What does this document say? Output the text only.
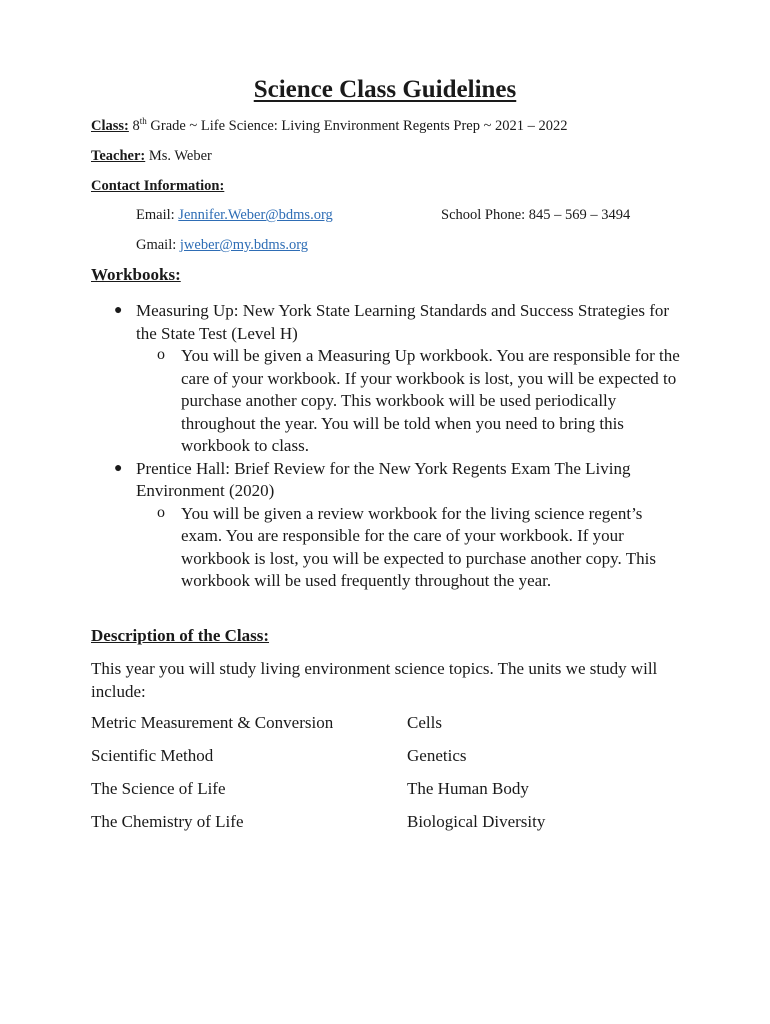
Science Class Guidelines
Class: 8th Grade ~ Life Science: Living Environment Regents Prep ~ 2021 – 2022
Teacher: Ms. Weber
Contact Information:
Email: Jennifer.Weber@bdms.org	School Phone: 845 – 569 – 3494
Gmail: jweber@my.bdms.org
Workbooks:
● Measuring Up: New York State Learning Standards and Success Strategies for the State Test (Level H)
o You will be given a Measuring Up workbook. You are responsible for the care of your workbook. If your workbook is lost, you will be expected to purchase another copy. This workbook will be used periodically throughout the year. You will be told when you need to bring this workbook to class.
● Prentice Hall: Brief Review for the New York Regents Exam The Living Environment (2020)
o You will be given a review workbook for the living science regent’s exam. You are responsible for the care of your workbook. If your workbook is lost, you will be expected to purchase another copy. This workbook will be used frequently throughout the year.
Description of the Class:
This year you will study living environment science topics. The units we study will include:
Metric Measurement & Conversion	Cells
Scientific Method	Genetics
The Science of Life	The Human Body
The Chemistry of Life	Biological Diversity
